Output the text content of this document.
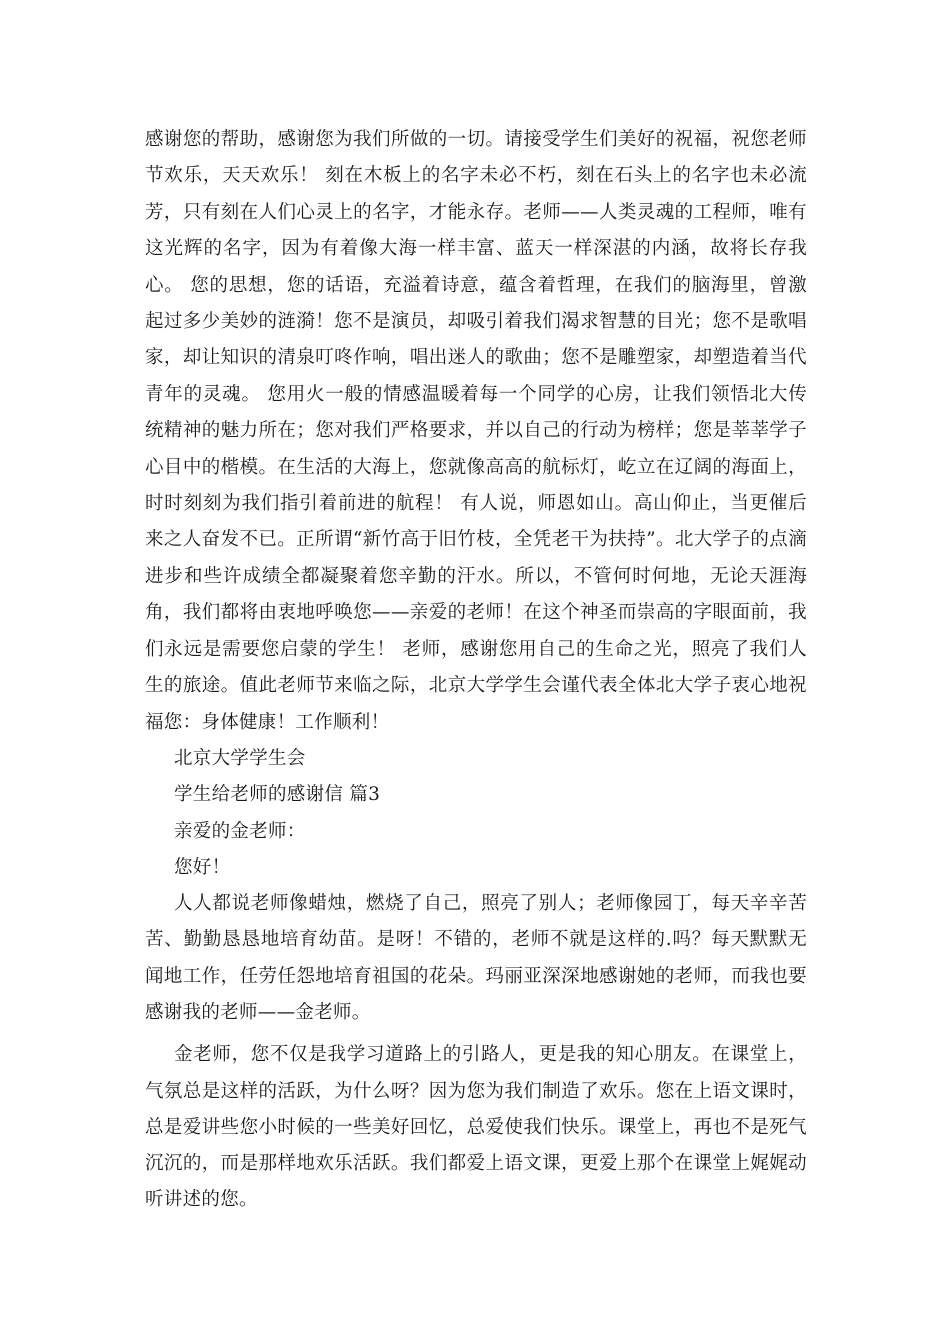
感谢您的帮助，感谢您为我们所做的一切。请接受学生们美好的祝福，祝您老师节欢乐，天天欢乐！ 刻在木板上的名字未必不朽，刻在石头上的名字也未必流芳，只有刻在人们心灵上的名字，才能永存。老师——人类灵魂的工程师，唯有这光辉的名字，因为有着像大海一样丰富、蓝天一样深湛的内涵，故将长存我心。 您的思想，您的话语，充溢着诗意，蕴含着哲理，在我们的脑海里，曾激起过多少美妙的涟漪！您不是演员，却吸引着我们渴求智慧的目光；您不是歌唱家，却让知识的清泉叮咚作响，唱出迷人的歌曲；您不是雕塑家，却塑造着当代青年的灵魂。 您用火一般的情感温暖着每一个同学的心房，让我们领悟北大传统精神的魅力所在；您对我们严格要求，并以自己的行动为榜样；您是莘莘学子心目中的楷模。在生活的大海上，您就像高高的航标灯，屹立在辽阔的海面上，时时刻刻为我们指引着前进的航程！ 有人说，师恩如山。高山仰止，当更催后来之人奋发不已。正所谓“新竹高于旧竹枝，全凭老干为扶持”。北大学子的点滴进步和些许成绩全都凝聚着您辛勤的汗水。所以，不管何时何地，无论天涯海角，我们都将由衷地呼唤您——亲爱的老师！在这个神圣而崇高的字眼面前，我们永远是需要您启蒙的学生！ 老师，感谢您用自己的生命之光，照亮了我们人生的旅途。值此老师节来临之际，北京大学学生会谨代表全体北大学子衷心地祝福您：身体健康！工作顺利！

北京大学学生会

学生给老师的感谢信 篇3

亲爱的金老师：

您好！

人人都说老师像蜡烛，燃烧了自己，照亮了别人；老师像园丁，每天辛辛苦苦、勤勤恳恳地培育幼苗。是呀！不错的，老师不就是这样的.吗？每天默默无闻地工作，任劳任怨地培育祖国的花朵。玛丽亚深深地感谢她的老师，而我也要感谢我的老师——金老师。

金老师，您不仅是我学习道路上的引路人，更是我的知心朋友。在课堂上，气氛总是这样的活跃，为什么呀？因为您为我们制造了欢乐。您在上语文课时，总是爱讲些您小时候的一些美好回忆，总爱使我们快乐。课堂上，再也不是死气沉沉的，而是那样地欢乐活跃。我们都爱上语文课，更爱上那个在课堂上娓娓动听讲述的您。
